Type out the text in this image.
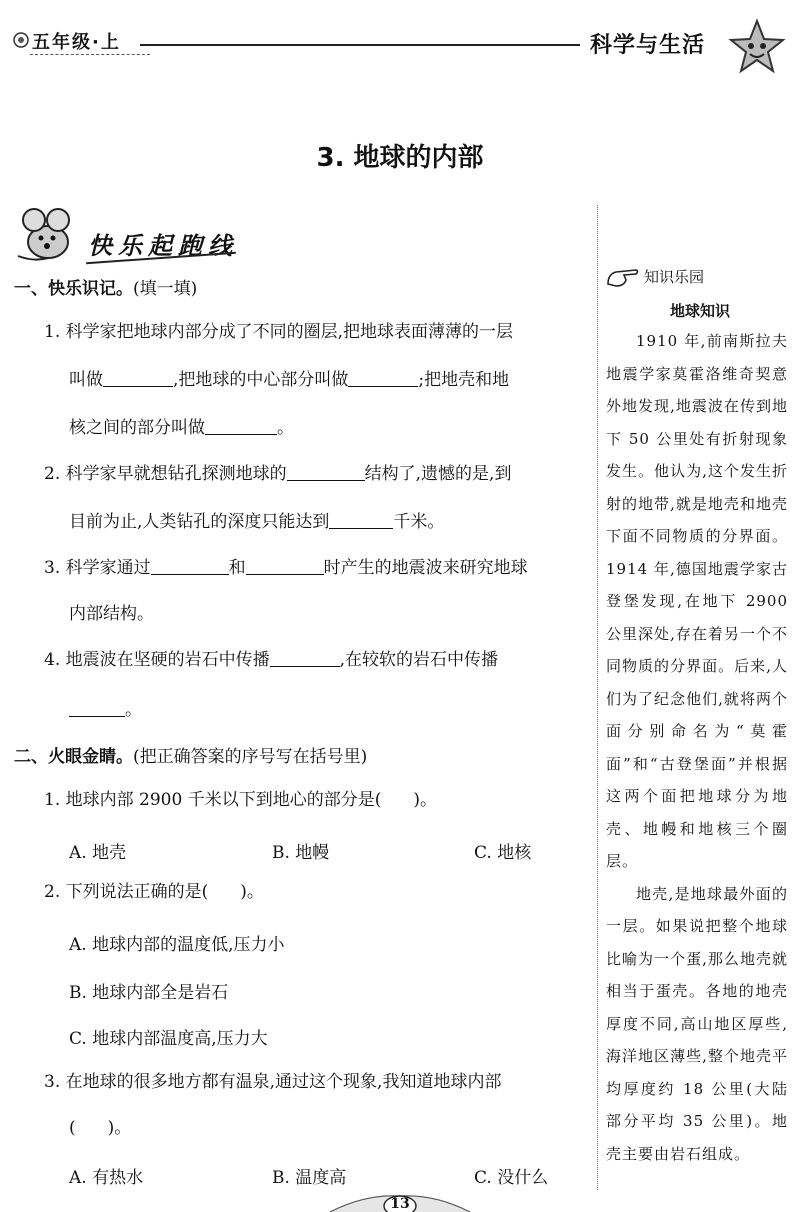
五年级·上	科学与生活
3. 地球的内部
快乐起跑线
一、快乐识记。(填一填)
1. 科学家把地球内部分成了不同的圈层,把地球表面薄薄的一层
叫做	,把地球的中心部分叫做	;把地壳和地
核之间的部分叫做	。
2. 科学家早就想钻孔探测地球的	结构了,遗憾的是,到
目前为止,人类钻孔的深度只能达到	千米。
3. 科学家通过	和	时产生的地震波来研究地球
内部结构。
4. 地震波在坚硬的岩石中传播	,在较软的岩石中传播
。
二、火眼金睛。(把正确答案的序号写在括号里)
1. 地球内部 2900 千米以下到地心的部分是( )。
A. 地壳	B. 地幔	C. 地核
2. 下列说法正确的是( )。
A. 地球内部的温度低,压力小
B. 地球内部全是岩石
C. 地球内部温度高,压力大
3. 在地球的很多地方都有温泉,通过这个现象,我知道地球内部
( )。
A. 有热水	B. 温度高	C. 没什么
知识乐园
地球知识

1910 年,前南斯拉夫地震学家莫霍洛维奇契意外地发现,地震波在传到地下 50 公里处有折射现象发生。他认为,这个发生折射的地带,就是地壳和地壳下面不同物质的分界面。1914 年,德国地震学家古登堡发现,在地下 2900 公里深处,存在着另一个不同物质的分界面。后来,人们为了纪念他们,就将两个面分别命名为“莫霍面”和“古登堡面”并根据这两个面把地球分为地壳、地幔和地核三个圈层。

地壳,是地球最外面的一层。如果说把整个地球比喻为一个蛋,那么地壳就相当于蛋壳。各地的地壳厚度不同,高山地区厚些,海洋地区薄些,整个地壳平均厚度约 18 公里(大陆部分平均 35 公里)。地壳主要由岩石组成。

13
